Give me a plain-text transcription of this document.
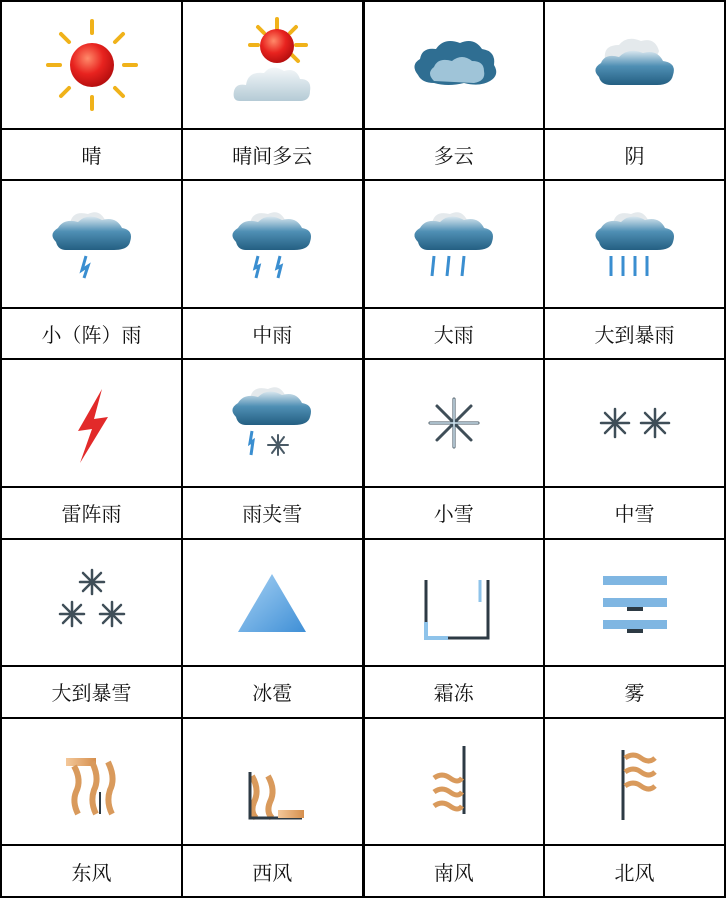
晴	晴间多云	多云	阴

小（阵）雨	中雨	大雨	大到暴雨

雷阵雨	雨夹雪	小雪	中雪

大到暴雪	冰雹	霜冻	雾

东风	西风	南风	北风
